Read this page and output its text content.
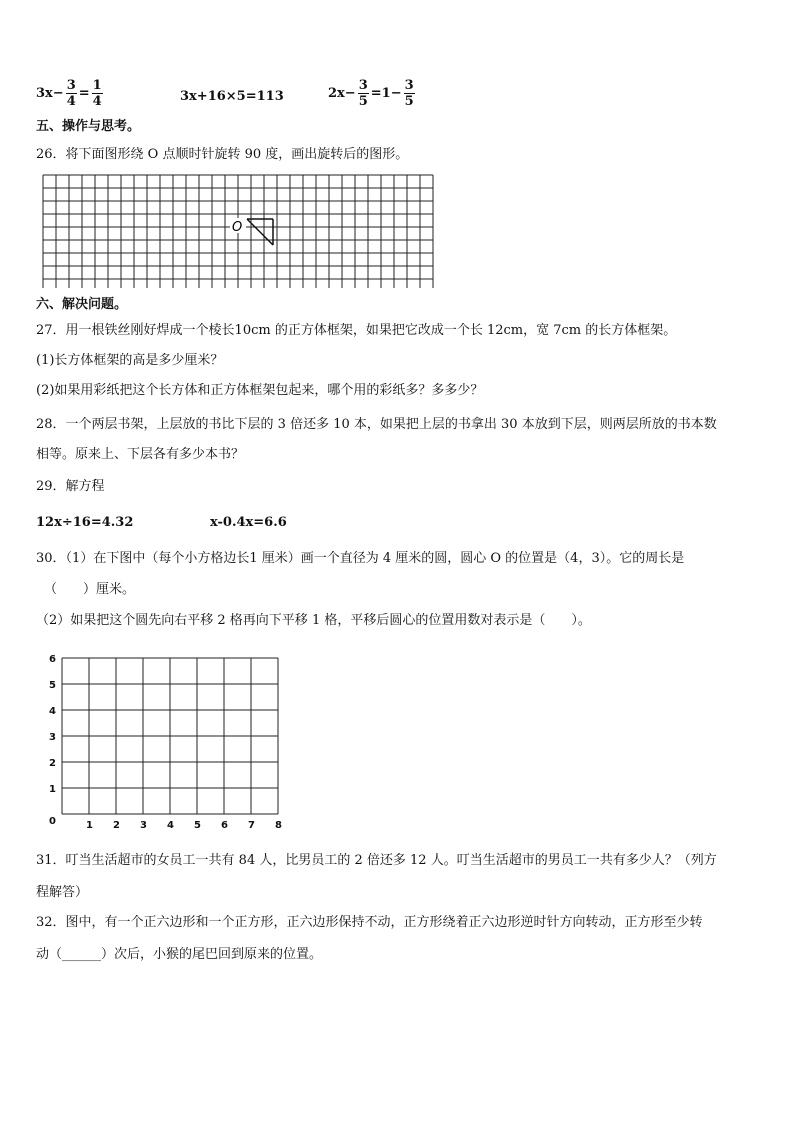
$3x- \frac{3}{4} = \frac{1}{4}$	3x+16×5=113	$2x- \frac{3}{5} =1- \frac{3}{5}$
五、操作与思考。
26．将下面图形绕 O 点顺时针旋转 90 度，画出旋转后的图形。
O
六、解决问题。
27．用一根铁丝刚好焊成一个棱长10cm 的正方体框架，如果把它改成一个长 12cm，宽 7cm 的长方体框架。
(1)长方体框架的高是多少厘米？
(2)如果用彩纸把这个长方体和正方体框架包起来，哪个用的彩纸多？多多少？
28．一个两层书架，上层放的书比下层的 3 倍还多 10 本，如果把上层的书拿出 30 本放到下层，则两层所放的书本数
相等。原来上、下层各有多少本书？
29．解方程
12x÷16=4.32	x-0.4x=6.6
30．（1）在下图中（每个小方格边长1 厘米）画一个直径为 4 厘米的圆，圆心 O 的位置是（4，3）。它的周长是
（　　）厘米。
（2）如果把这个圆先向右平移 2 格再向下平移 1 格，平移后圆心的位置用数对表示是（　　）。
0	1 2 3 4 5 6 7 8
1
2
3
4
5
6
31．叮当生活超市的女员工一共有 84 人，比男员工的 2 倍还多 12 人。叮当生活超市的男员工一共有多少人？（列方
程解答）
32．图中，有一个正六边形和一个正方形，正六边形保持不动，正方形绕着正六边形逆时针方向转动，正方形至少转
动（______）次后，小猴的尾巴回到原来的位置。
